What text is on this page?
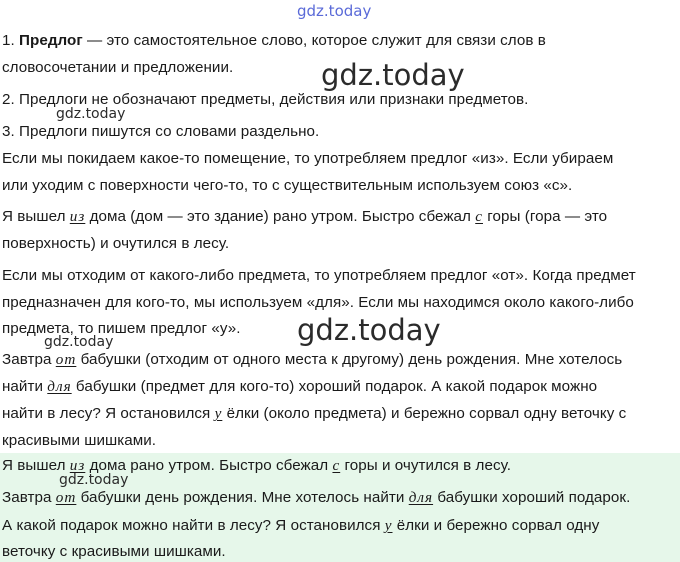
gdz.today
gdz.today
gdz.today
gdz.today
gdz.today
gdz.today
1. Предлог — это самостоятельное слово, которое служит для связи слов в
словосочетании и предложении.
2. Предлоги не обозначают предметы, действия или признаки предметов.
3. Предлоги пишутся со словами раздельно.
Если мы покидаем какое-то помещение, то употребляем предлог «из». Если убираем
или уходим с поверхности чего-то, то с существительным используем союз «с».
Я вышел из дома (дом — это здание) рано утром. Быстро сбежал с горы (гора — это
поверхность) и очутился в лесу.
Если мы отходим от какого-либо предмета, то употребляем предлог «от». Когда предмет
предназначен для кого-то, мы используем «для». Если мы находимся около какого-либо
предмета, то пишем предлог «у».
Завтра от бабушки (отходим от одного места к другому) день рождения. Мне хотелось
найти для бабушки (предмет для кого-то) хороший подарок. А какой подарок можно
найти в лесу? Я остановился у ёлки (около предмета) и бережно сорвал одну веточку с
красивыми шишками.
Я вышел из дома рано утром. Быстро сбежал с горы и очутился в лесу.
Завтра от бабушки день рождения. Мне хотелось найти для бабушки хороший подарок.
А какой подарок можно найти в лесу? Я остановился у ёлки и бережно сорвал одну
веточку с красивыми шишками.
